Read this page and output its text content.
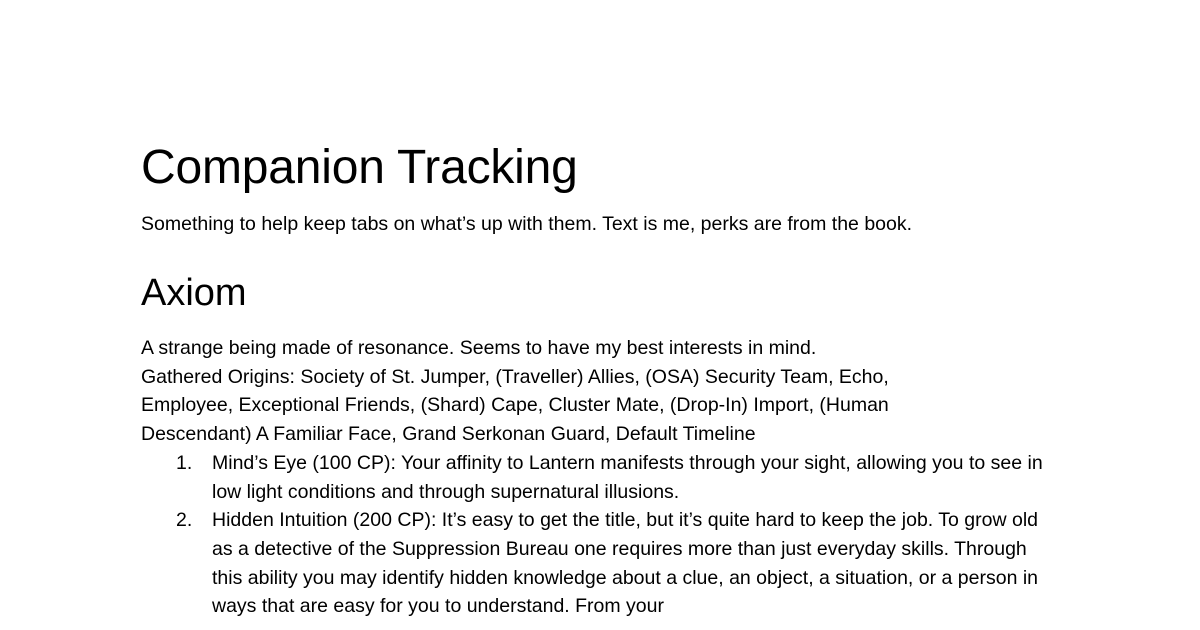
Companion Tracking

Something to help keep tabs on what’s up with them. Text is me, perks are from the book.

Axiom
A strange being made of resonance. Seems to have my best interests in mind.
Gathered Origins: Society of St. Jumper, (Traveller) Allies, (OSA) Security Team, Echo,
Employee, Exceptional Friends, (Shard) Cape, Cluster Mate, (Drop-In) Import, (Human
Descendant) A Familiar Face, Grand Serkonan Guard, Default Timeline
1. Mind’s Eye (100 CP): Your affinity to Lantern manifests through your sight, allowing you to see in low light conditions and through supernatural illusions.
2. Hidden Intuition (200 CP): It’s easy to get the title, but it’s quite hard to keep the job. To grow old as a detective of the Suppression Bureau one requires more than just everyday skills. Through this ability you may identify hidden knowledge about a clue, an object, a situation, or a person in ways that are easy for you to understand. From your
